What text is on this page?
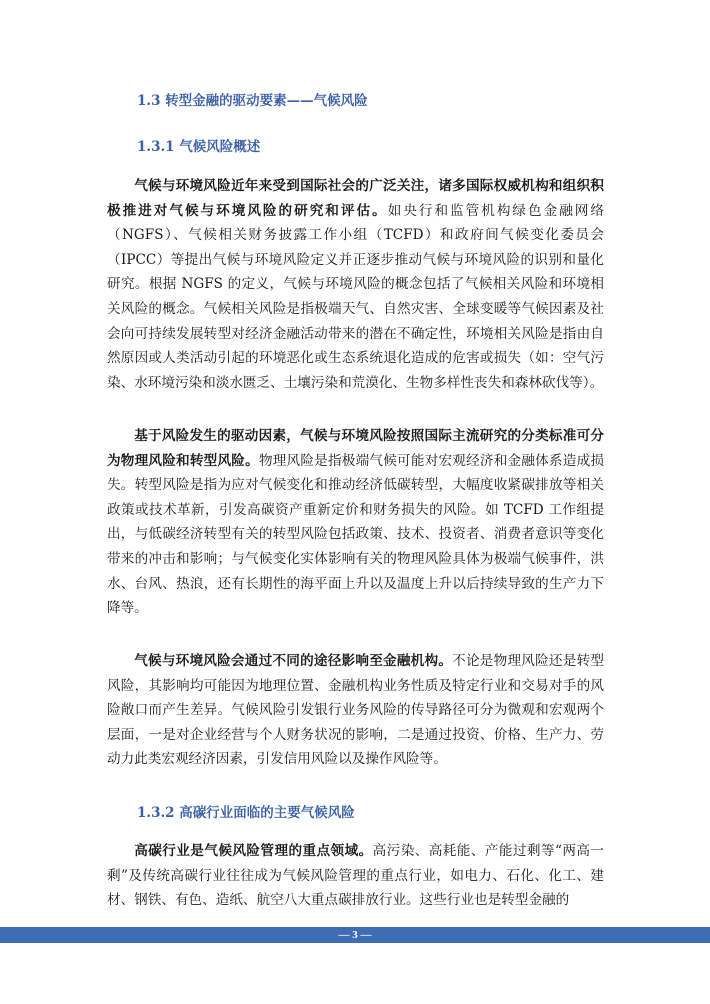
1.3 转型金融的驱动要素——气候风险
1.3.1 气候风险概述

气候与环境风险近年来受到国际社会的广泛关注，诸多国际权威机构和组织积极推进对气候与环境风险的研究和评估。如央行和监管机构绿色金融网络（NGFS）、气候相关财务披露工作小组（TCFD）和政府间气候变化委员会（IPCC）等提出气候与环境风险定义并正逐步推动气候与环境风险的识别和量化研究。根据 NGFS 的定义，气候与环境风险的概念包括了气候相关风险和环境相关风险的概念。气候相关风险是指极端天气、自然灾害、全球变暖等气候因素及社会向可持续发展转型对经济金融活动带来的潜在不确定性，环境相关风险是指由自然原因或人类活动引起的环境恶化或生态系统退化造成的危害或损失（如：空气污染、水环境污染和淡水匮乏、土壤污染和荒漠化、生物多样性丧失和森林砍伐等）。

基于风险发生的驱动因素，气候与环境风险按照国际主流研究的分类标准可分为物理风险和转型风险。物理风险是指极端气候可能对宏观经济和金融体系造成损失。转型风险是指为应对气候变化和推动经济低碳转型，大幅度收紧碳排放等相关政策或技术革新，引发高碳资产重新定价和财务损失的风险。如 TCFD 工作组提出，与低碳经济转型有关的转型风险包括政策、技术、投资者、消费者意识等变化带来的冲击和影响；与气候变化实体影响有关的物理风险具体为极端气候事件，洪水、台风、热浪，还有长期性的海平面上升以及温度上升以后持续导致的生产力下降等。

气候与环境风险会通过不同的途径影响至金融机构。不论是物理风险还是转型风险，其影响均可能因为地理位置、金融机构业务性质及特定行业和交易对手的风险敞口而产生差异。气候风险引发银行业务风险的传导路径可分为微观和宏观两个层面，一是对企业经营与个人财务状况的影响，二是通过投资、价格、生产力、劳动力此类宏观经济因素，引发信用风险以及操作风险等。

1.3.2 高碳行业面临的主要气候风险

高碳行业是气候风险管理的重点领域。高污染、高耗能、产能过剩等“两高一剩”及传统高碳行业往往成为气候风险管理的重点行业，如电力、石化、化工、建材、钢铁、有色、造纸、航空八大重点碳排放行业。这些行业也是转型金融的

— 3 —
